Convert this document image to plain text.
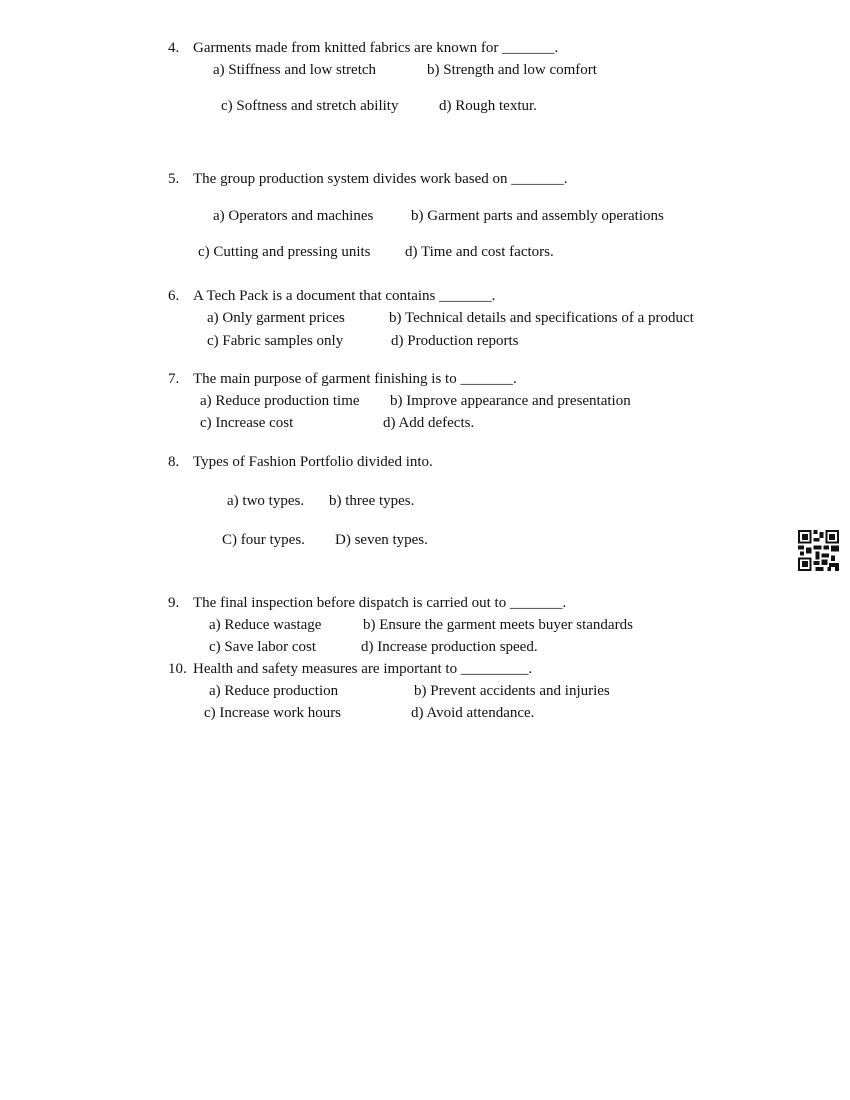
4. Garments made from knitted fabrics are known for _______.
a) Stiffness and low stretch	b) Strength and low comfort
c) Softness and stretch ability	d) Rough textur.
5. The group production system divides work based on _______.
a) Operators and machines	b) Garment parts and assembly operations
c) Cutting and pressing units d) Time and cost factors.
6. A Tech Pack is a document that contains _______.
a) Only garment prices	b) Technical details and specifications of a product
c) Fabric samples only	d) Production reports
7. The main purpose of garment finishing is to _______.
a) Reduce production time b) Improve appearance and presentation
c) Increase cost	d) Add defects.
8. Types of Fashion Portfolio divided into.
a) two types. b) three types.
C) four types. D) seven types.
9. The final inspection before dispatch is carried out to _______.
a) Reduce wastage	b) Ensure the garment meets buyer standards
c) Save labor cost	d) Increase production speed.
10. Health and safety measures are important to _________.
a) Reduce production	b) Prevent accidents and injuries
c) Increase work hours	d) Avoid attendance.
